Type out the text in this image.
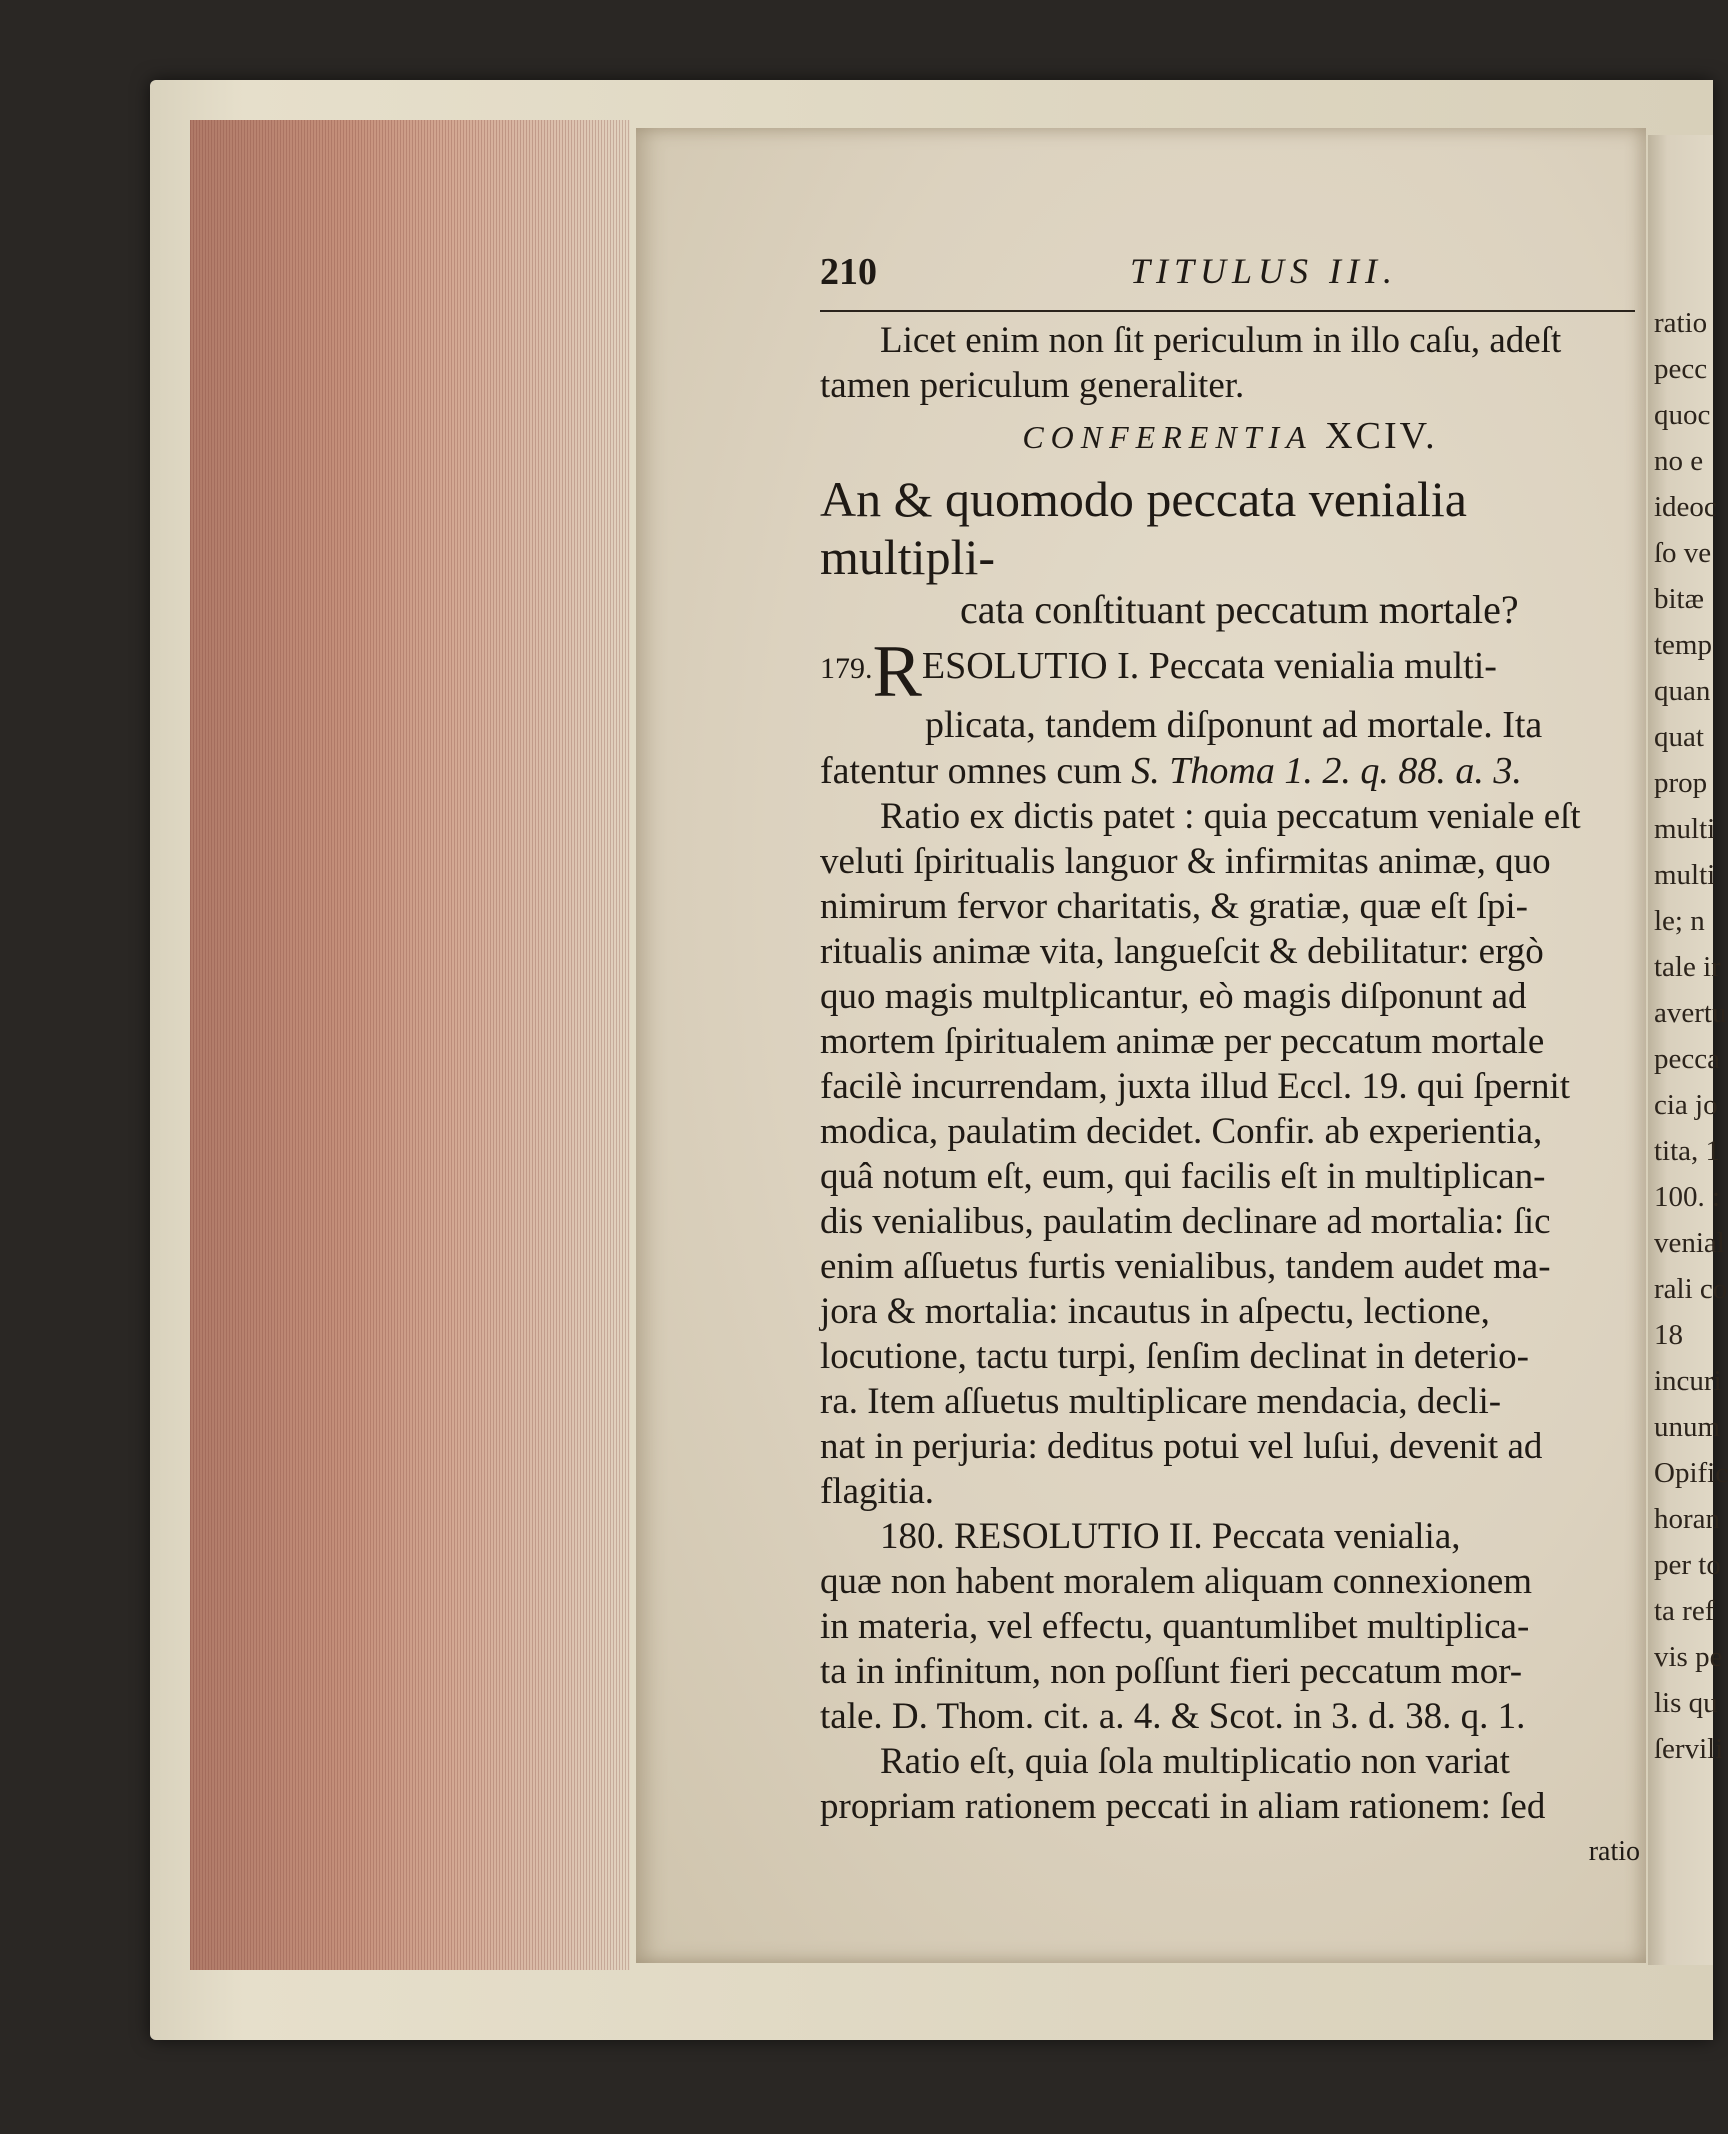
ratio
pecc
quoc
no e
ideoc
ſo ve
bitæ
temp
quan
quat
prop
multi
multi
le; n
tale ir
avertu
pecca
cia jo
tita, 1
100. :
venial
rali co
18
incuri
unum
Opific
horan
per to
ta ref
vis pe
lis qu
ſervili
210	TITULUS III.
Licet enim non ſit periculum in illo caſu, adeſt
tamen periculum generaliter.
CONFERENTIA XCIV.
An & quomodo peccata venialia multipli-
cata conſtituant peccatum mortale?
179.RESOLUTIO I. Peccata venialia multi-
plicata, tandem diſponunt ad mortale. Ita
fatentur omnes cum S. Thoma 1. 2. q. 88. a. 3.
Ratio ex dictis patet : quia peccatum veniale eſt
veluti ſpiritualis languor & infirmitas animæ, quo
nimirum fervor charitatis, & gratiæ, quæ eſt ſpi-
ritualis animæ vita, langueſcit & debilitatur: ergò
quo magis multplicantur, eò magis diſponunt ad
mortem ſpiritualem animæ per peccatum mortale
facilè incurrendam, juxta illud Eccl. 19. qui ſpernit
modica, paulatim decidet. Confir. ab experientia,
quâ notum eſt, eum, qui facilis eſt in multiplican-
dis venialibus, paulatim declinare ad mortalia: ſic
enim aſſuetus furtis venialibus, tandem audet ma-
jora & mortalia: incautus in aſpectu, lectione,
locutione, tactu turpi, ſenſim declinat in deterio-
ra. Item aſſuetus multiplicare mendacia, decli-
nat in perjuria: deditus potui vel luſui, devenit ad
flagitia.
180. RESOLUTIO II. Peccata venialia,
quæ non habent moralem aliquam connexionem
in materia, vel effectu, quantumlibet multiplica-
ta in infinitum, non poſſunt fieri peccatum mor-
tale. D. Thom. cit. a. 4. & Scot. in 3. d. 38. q. 1.
Ratio eſt, quia ſola multiplicatio non variat
propriam rationem peccati in aliam rationem: ſed
ratio
